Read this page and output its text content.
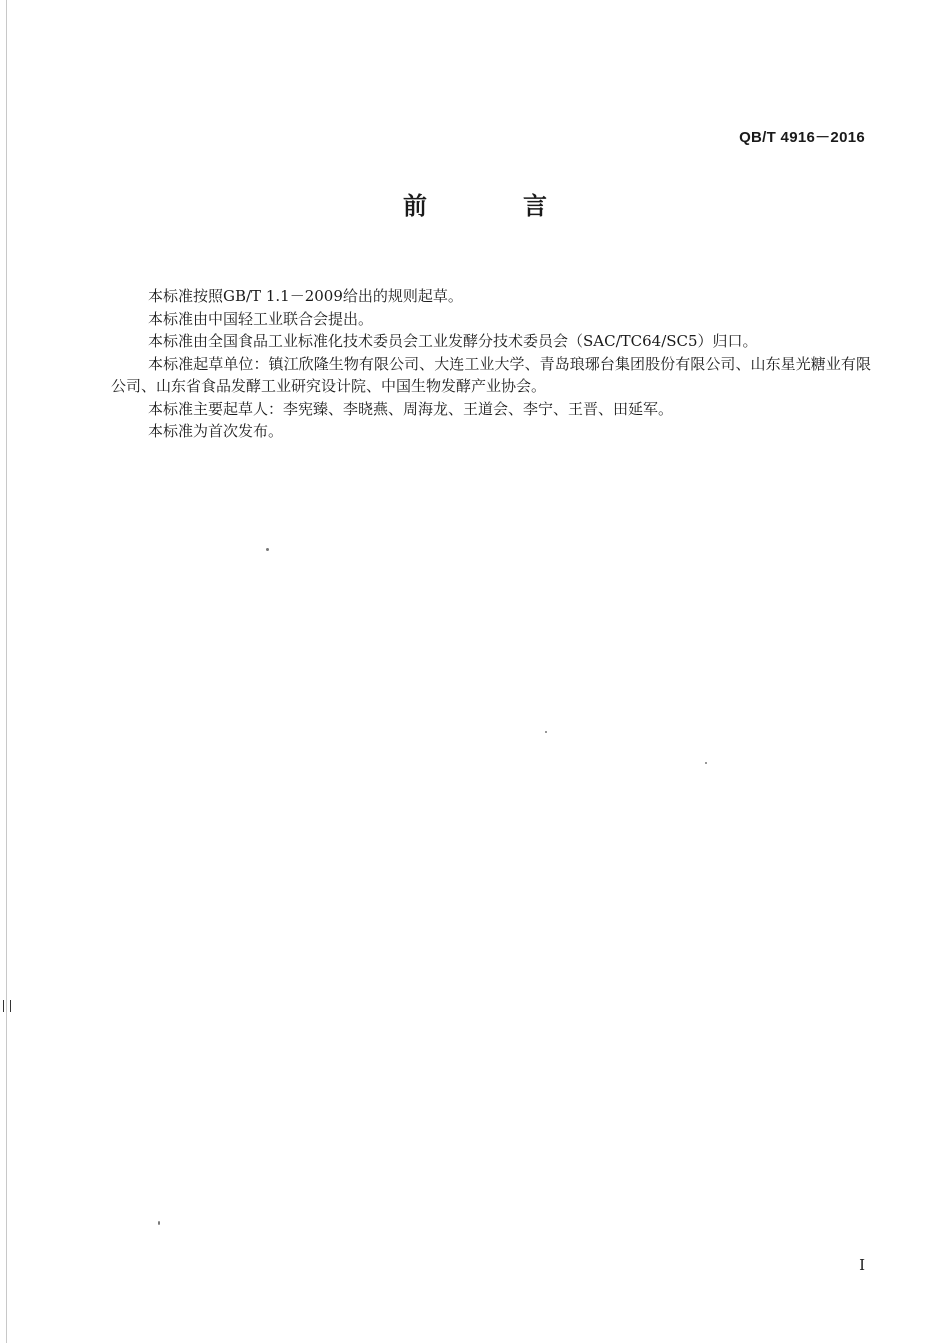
QB/T 4916－2016
前　言

本标准按照GB/T 1.1－2009给出的规则起草。

本标准由中国轻工业联合会提出。

本标准由全国食品工业标准化技术委员会工业发酵分技术委员会（SAC/TC64/SC5）归口。

本标准起草单位：镇江欣隆生物有限公司、大连工业大学、青岛琅琊台集团股份有限公司、山东星光糖业有限公司、山东省食品发酵工业研究设计院、中国生物发酵产业协会。

本标准主要起草人：李宪臻、李晓燕、周海龙、王道会、李宁、王晋、田延军。

本标准为首次发布。

I
